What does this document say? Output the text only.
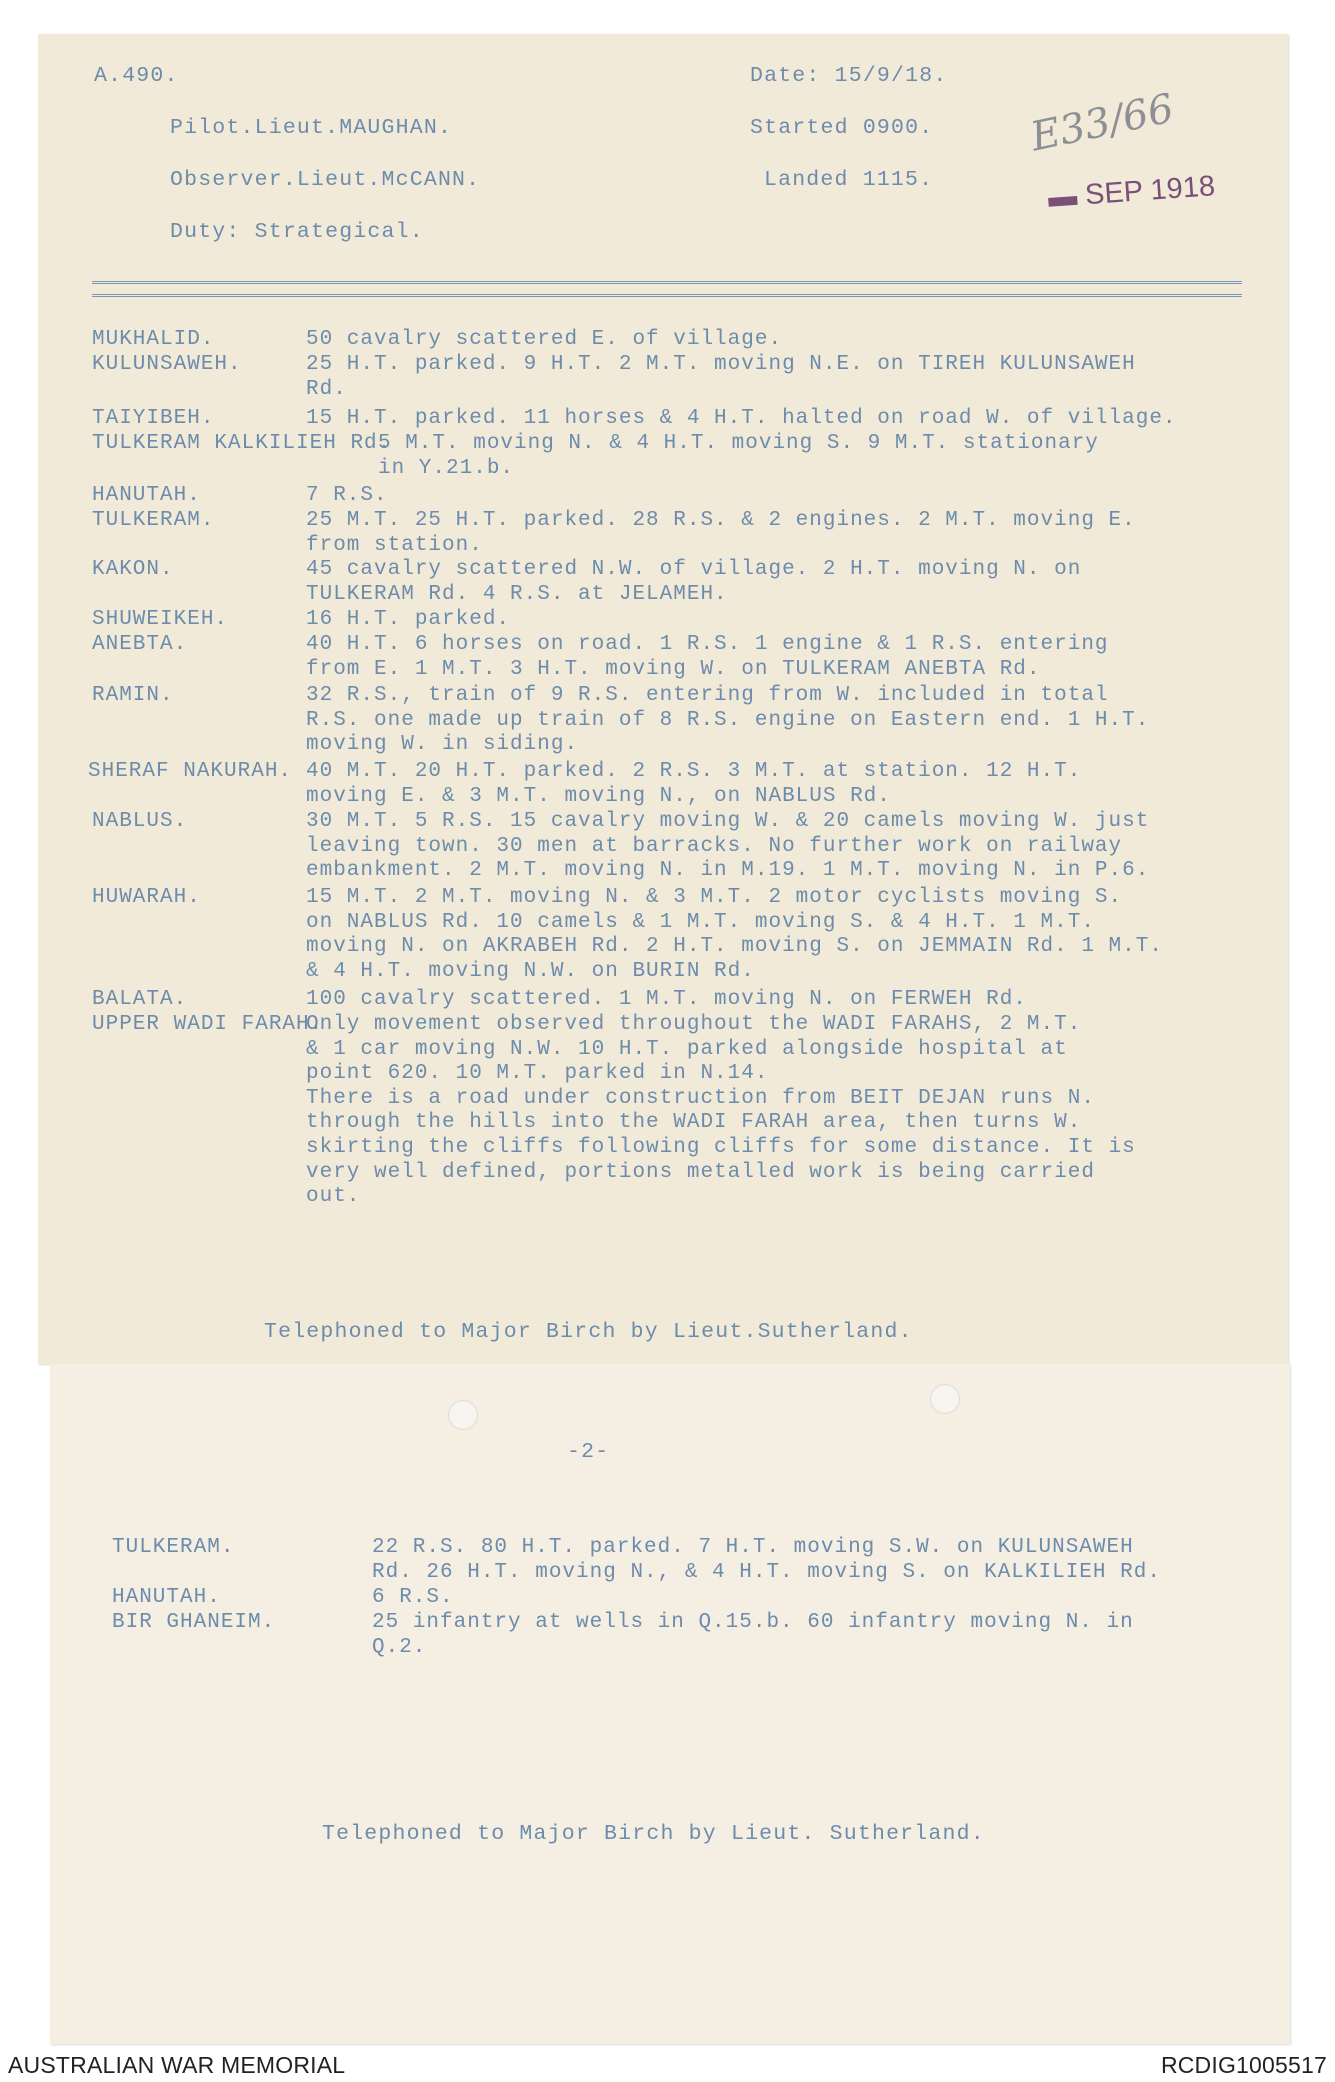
A.490.
Pilot.Lieut.MAUGHAN.
Observer.Lieut.McCANN.
Duty: Strategical.
Date: 15/9/18.
Started 0900.
Landed 1115.
E33/66
▬ SEP 1918
MUKHALID.	50 cavalry scattered E. of village.
KULUNSAWEH.	25 H.T. parked. 9 H.T. 2 M.T. moving N.E. on TIREH KULUNSAWEH
Rd.
TAIYIBEH.	15 H.T. parked. 11 horses & 4 H.T. halted on road W. of village.
TULKERAM KALKILIEH Rd.
5 M.T. moving N. & 4 H.T. moving S. 9 M.T. stationary
in Y.21.b.
HANUTAH.	7 R.S.
TULKERAM.	25 M.T. 25 H.T. parked. 28 R.S. & 2 engines. 2 M.T. moving E.
from station.
KAKON.	45 cavalry scattered N.W. of village. 2 H.T. moving N. on
TULKERAM Rd. 4 R.S. at JELAMEH.
SHUWEIKEH.	16 H.T. parked.
ANEBTA.	40 H.T. 6 horses on road. 1 R.S. 1 engine & 1 R.S. entering
from E. 1 M.T. 3 H.T. moving W. on TULKERAM ANEBTA Rd.
RAMIN.	32 R.S., train of 9 R.S. entering from W. included in total
R.S. one made up train of 8 R.S. engine on Eastern end. 1 H.T.
moving W. in siding.
SHERAF NAKURAH. 40 M.T. 20 H.T. parked. 2 R.S. 3 M.T. at station. 12 H.T.
moving E. & 3 M.T. moving N., on NABLUS Rd.
NABLUS.	30 M.T. 5 R.S. 15 cavalry moving W. & 20 camels moving W. just
leaving town. 30 men at barracks. No further work on railway
embankment. 2 M.T. moving N. in M.19. 1 M.T. moving N. in P.6.
HUWARAH.	15 M.T. 2 M.T. moving N. & 3 M.T. 2 motor cyclists moving S.
on NABLUS Rd. 10 camels & 1 M.T. moving S. & 4 H.T. 1 M.T.
moving N. on AKRABEH Rd. 2 H.T. moving S. on JEMMAIN Rd. 1 M.T.
& 4 H.T. moving N.W. on BURIN Rd.
BALATA.	100 cavalry scattered. 1 M.T. moving N. on FERWEH Rd.
UPPER WADI FARAH.
Only movement observed throughout the WADI FARAHS, 2 M.T.
& 1 car moving N.W. 10 H.T. parked alongside hospital at
point 620. 10 M.T. parked in N.14.
There is a road under construction from BEIT DEJAN runs N.
through the hills into the WADI FARAH area, then turns W.
skirting the cliffs following cliffs for some distance. It is
very well defined, portions metalled work is being carried
out.
Telephoned to Major Birch by Lieut.Sutherland.
-2-
TULKERAM.	22 R.S. 80 H.T. parked. 7 H.T. moving S.W. on KULUNSAWEH
Rd. 26 H.T. moving N., & 4 H.T. moving S. on KALKILIEH Rd.
HANUTAH.	6 R.S.
BIR GHANEIM.	25 infantry at wells in Q.15.b. 60 infantry moving N. in
Q.2.
Telephoned to Major Birch by Lieut. Sutherland.
AUSTRALIAN WAR MEMORIAL	RCDIG1005517
